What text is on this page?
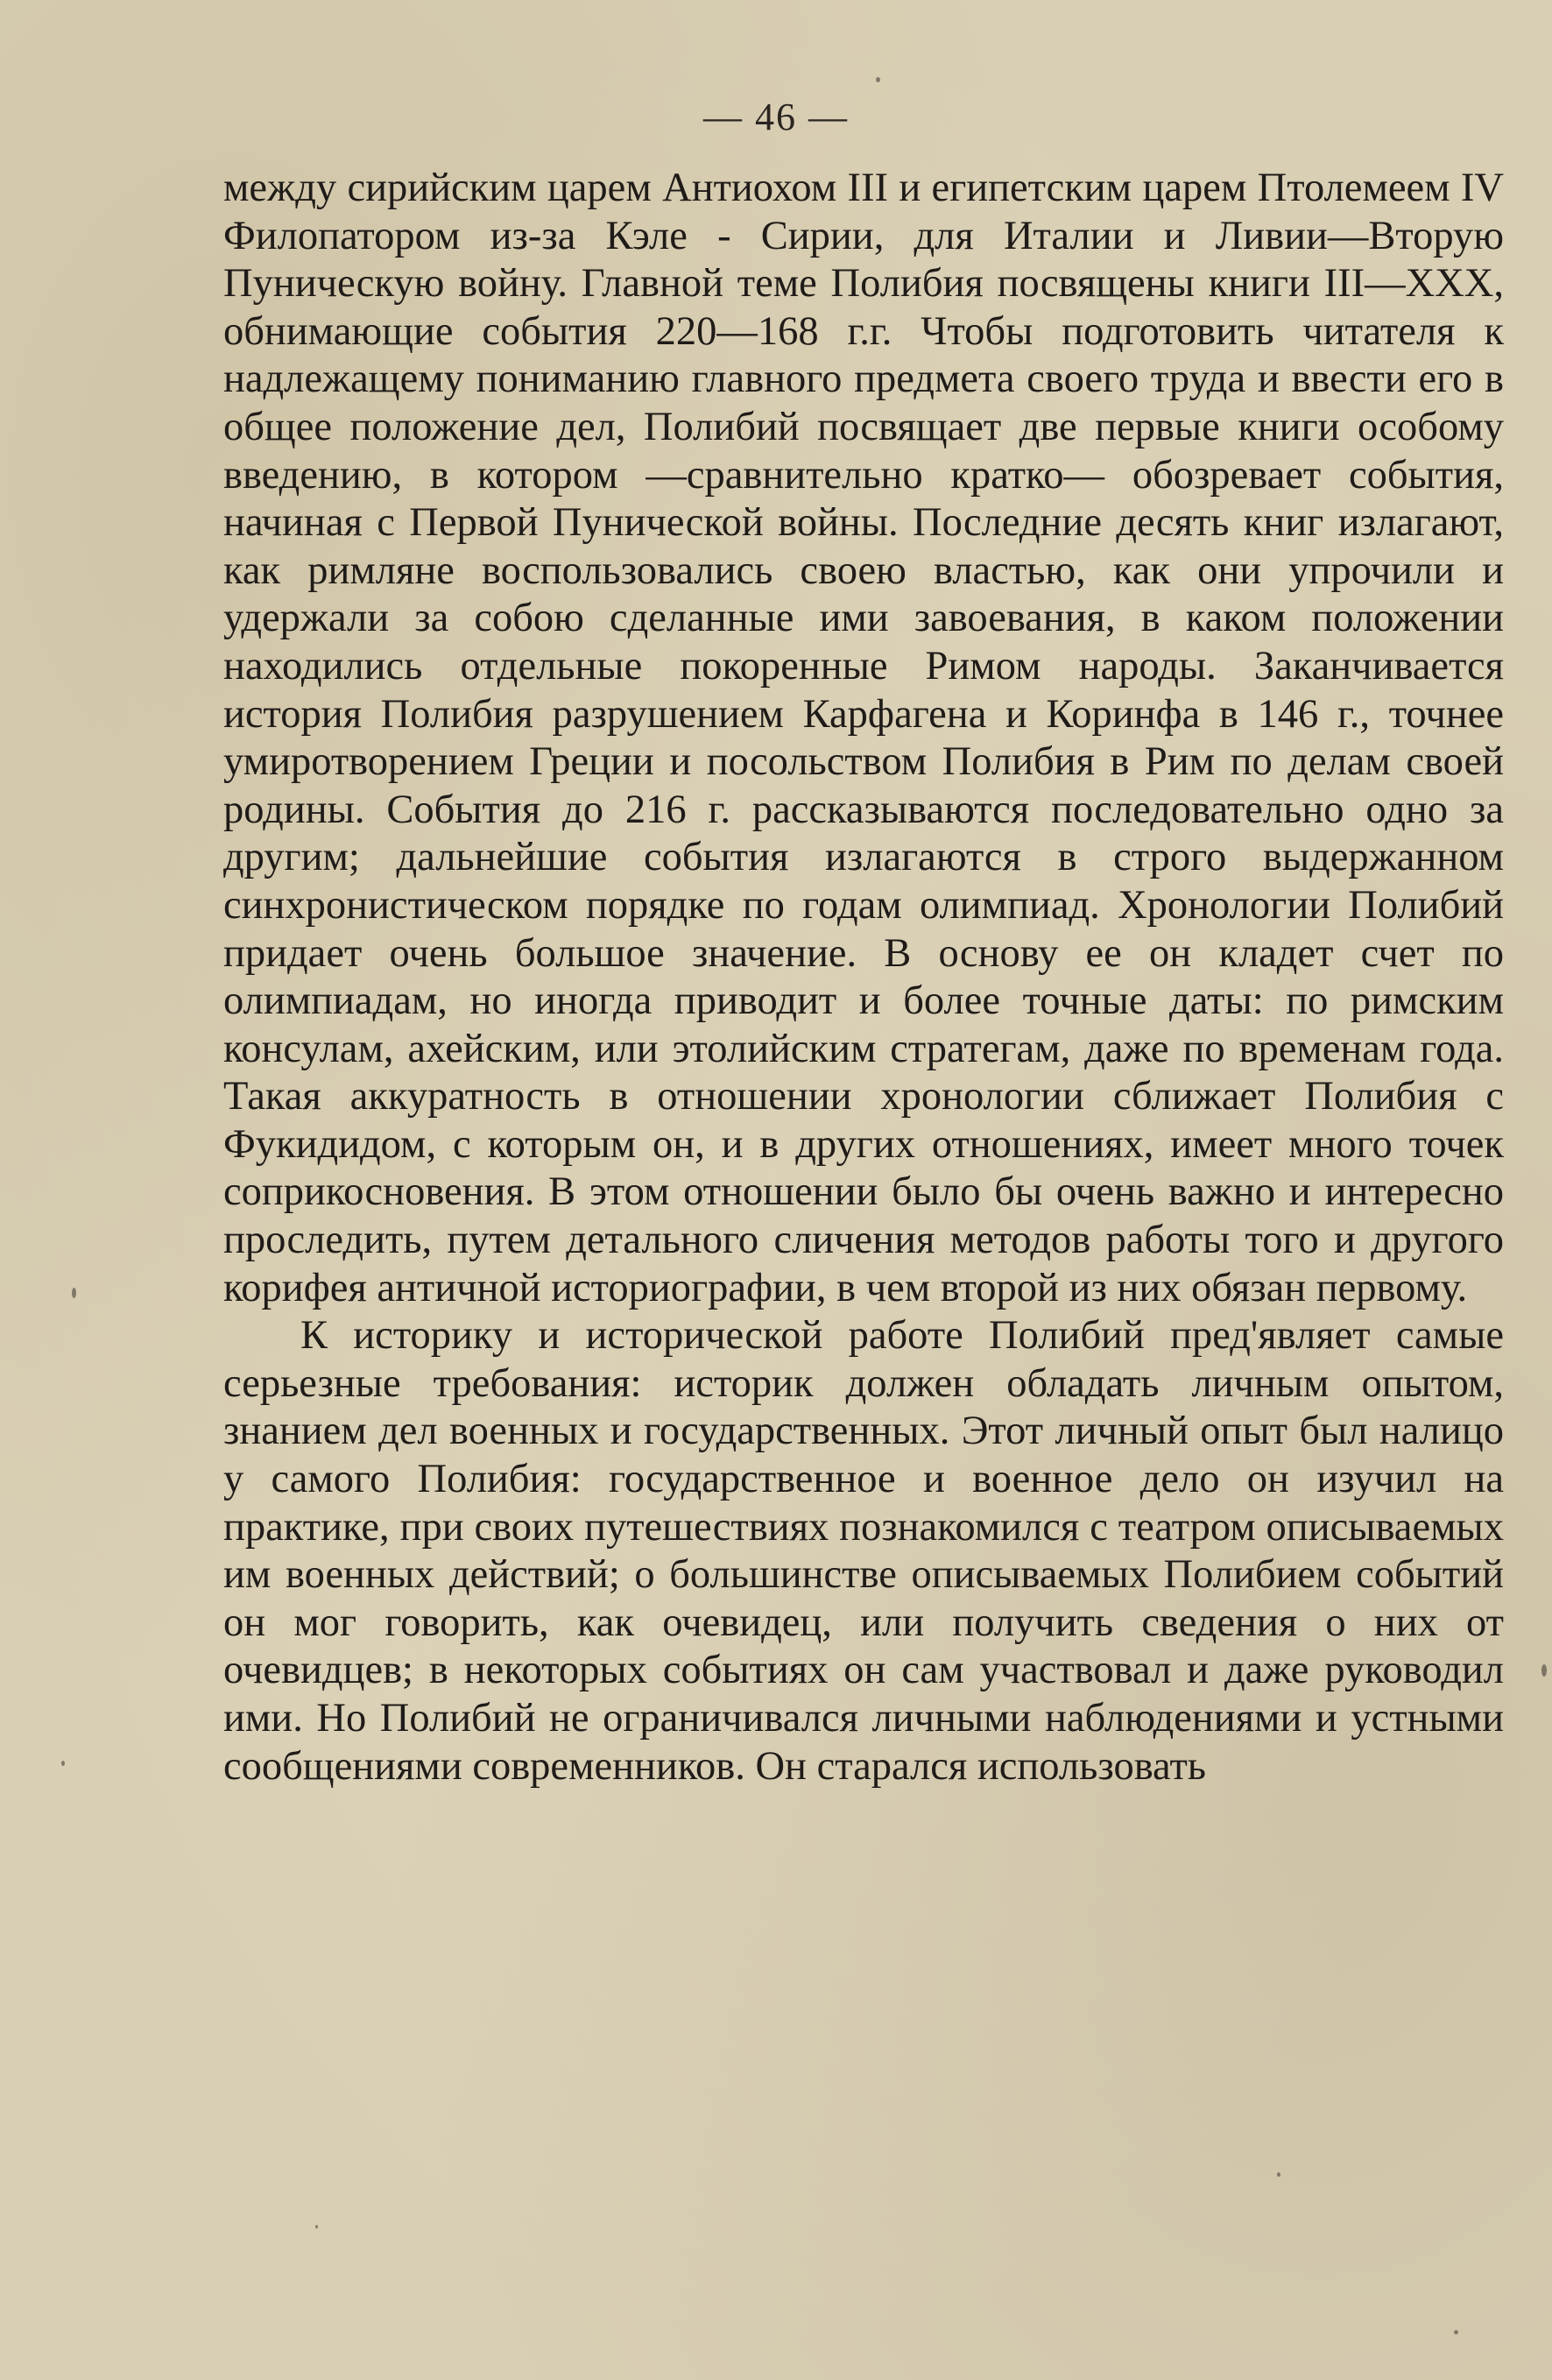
— 46 —

между сирийским царем Антиохом III и египетским царем Птолемеем IV Филопатором из-за Кэле - Сирии, для Италии и Ливии—Вторую Пуническую войну. Главной теме Полибия посвящены книги III—XXX, обнимающие события 220—168 г.г. Чтобы подготовить читателя к надлежащему пониманию главного предмета своего труда и ввести его в общее положение дел, Полибий посвящает две первые книги особому введению, в котором —сравнительно кратко— обозревает события, начиная с Первой Пунической войны. Последние десять книг излагают, как римляне воспользовались своею властью, как они упрочили и удержали за собою сделанные ими завоевания, в каком положении находились отдельные покоренные Римом народы. Заканчивается история Полибия разрушением Карфагена и Коринфа в 146 г., точнее умиротворением Греции и посольством Полибия в Рим по делам своей родины. События до 216 г. рассказываются последовательно одно за другим; дальнейшие события излагаются в строго выдержанном синхронистическом порядке по годам олимпиад. Хронологии Полибий придает очень большое значение. В основу ее он кладет счет по олимпиадам, но иногда приводит и более точные даты: по римским консулам, ахейским, или этолийским стратегам, даже по временам года. Такая аккуратность в отношении хронологии сближает Полибия с Фукидидом, с которым он, и в других отношениях, имеет много точек соприкосновения. В этом отношении было бы очень важно и интересно проследить, путем детального сличения методов работы того и другого корифея античной историографии, в чем второй из них обязан первому.

К историку и исторической работе Полибий пред'являет самые серьезные требования: историк должен обладать личным опытом, знанием дел военных и государственных. Этот личный опыт был налицо у самого Полибия: государственное и военное дело он изучил на практике, при своих путешествиях познакомился с театром описываемых им военных действий; о большинстве описываемых Полибием событий он мог говорить, как очевидец, или получить сведения о них от очевидцев; в некоторых событиях он сам участвовал и даже руководил ими. Но Полибий не ограничивался личными наблюдениями и устными сообщениями современников. Он старался использовать
